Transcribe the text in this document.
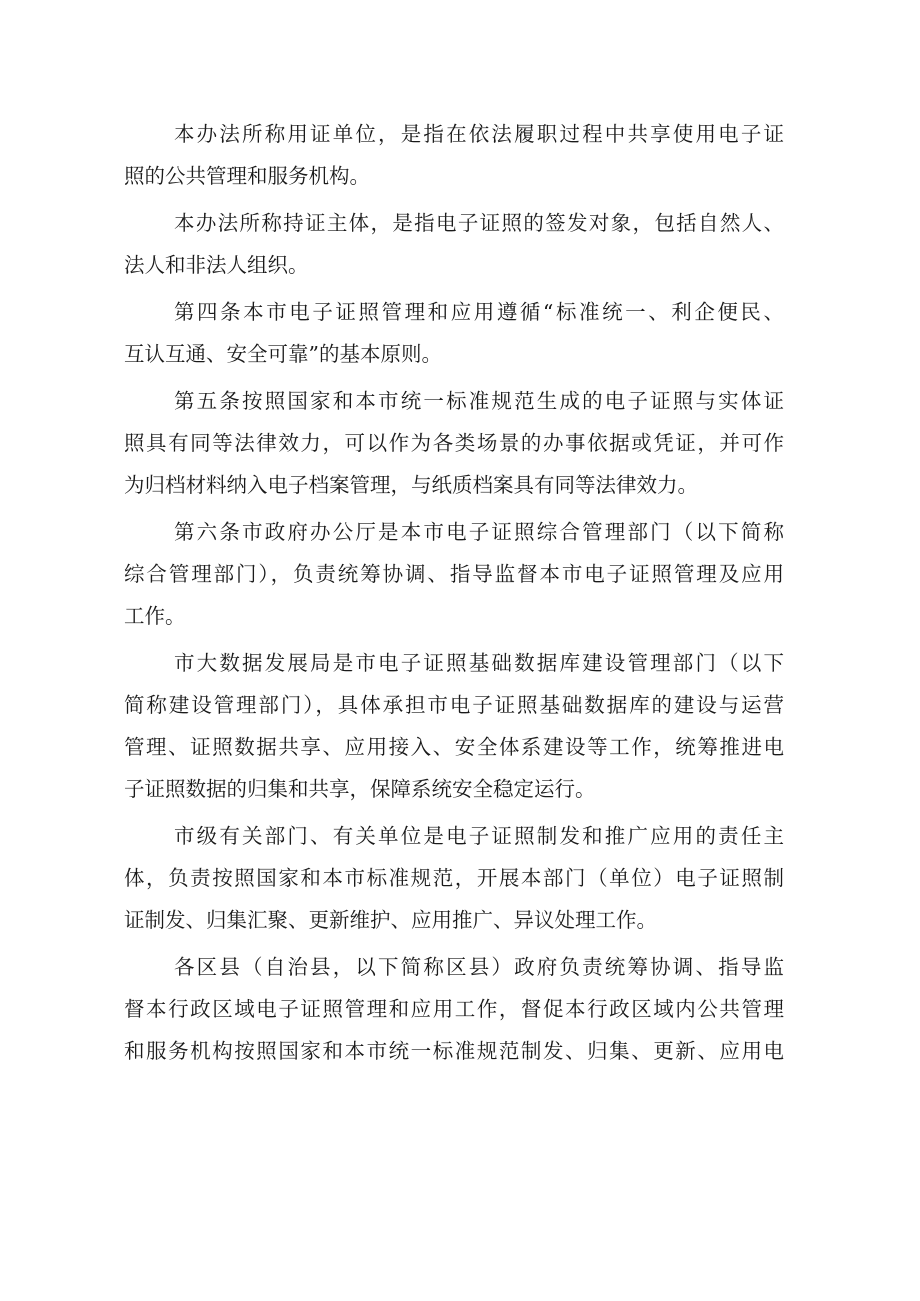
本办法所称用证单位，是指在依法履职过程中共享使用电子证
照的公共管理和服务机构。
本办法所称持证主体，是指电子证照的签发对象，包括自然人、
法人和非法人组织。
第四条本市电子证照管理和应用遵循“标准统一、利企便民、
互认互通、安全可靠”的基本原则。
第五条按照国家和本市统一标准规范生成的电子证照与实体证
照具有同等法律效力，可以作为各类场景的办事依据或凭证，并可作
为归档材料纳入电子档案管理，与纸质档案具有同等法律效力。
第六条市政府办公厅是本市电子证照综合管理部门（以下简称
综合管理部门），负责统筹协调、指导监督本市电子证照管理及应用
工作。
市大数据发展局是市电子证照基础数据库建设管理部门（以下
简称建设管理部门），具体承担市电子证照基础数据库的建设与运营
管理、证照数据共享、应用接入、安全体系建设等工作，统筹推进电
子证照数据的归集和共享，保障系统安全稳定运行。
市级有关部门、有关单位是电子证照制发和推广应用的责任主
体，负责按照国家和本市标准规范，开展本部门（单位）电子证照制
证制发、归集汇聚、更新维护、应用推广、异议处理工作。
各区县（自治县，以下简称区县）政府负责统筹协调、指导监
督本行政区域电子证照管理和应用工作，督促本行政区域内公共管理
和服务机构按照国家和本市统一标准规范制发、归集、更新、应用电
